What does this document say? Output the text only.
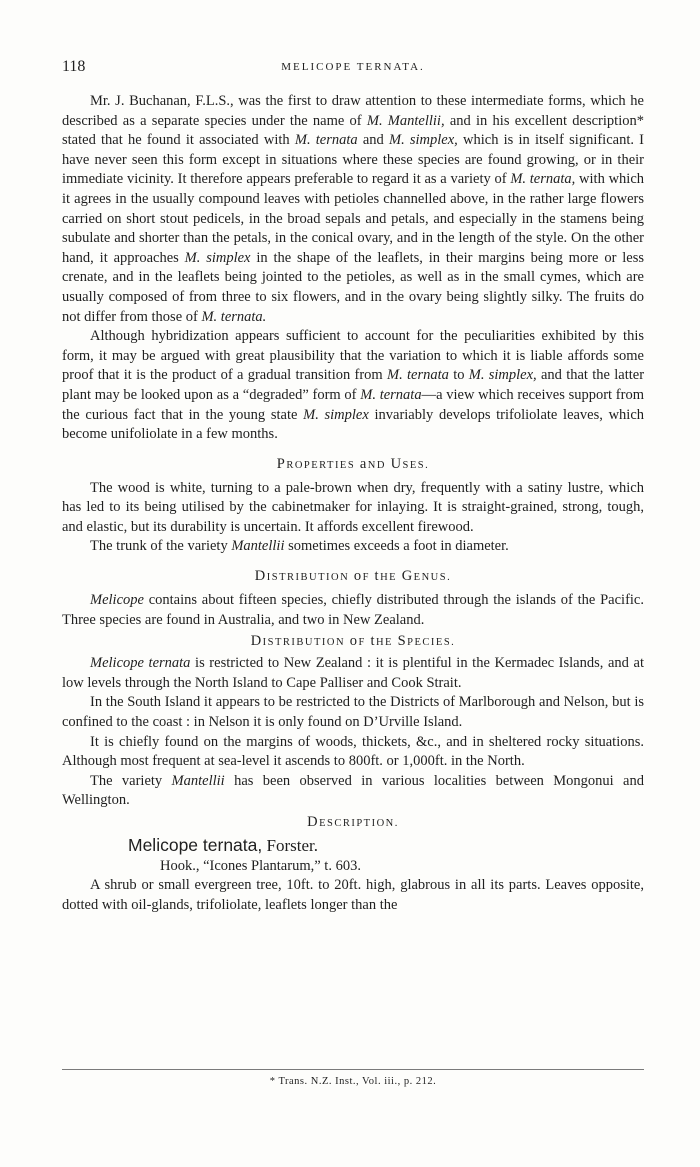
118	MELICOPE TERNATA.

Mr. J. Buchanan, F.L.S., was the first to draw attention to these intermediate forms, which he described as a separate species under the name of M. Mantellii, and in his excellent description* stated that he found it associated with M. ternata and M. simplex, which is in itself significant. I have never seen this form except in situations where these species are found growing, or in their immediate vicinity. It therefore appears preferable to regard it as a variety of M. ternata, with which it agrees in the usually compound leaves with petioles channelled above, in the rather large flowers carried on short stout pedicels, in the broad sepals and petals, and especially in the stamens being subulate and shorter than the petals, in the conical ovary, and in the length of the style. On the other hand, it approaches M. simplex in the shape of the leaflets, in their margins being more or less crenate, and in the leaflets being jointed to the petioles, as well as in the small cymes, which are usually composed of from three to six flowers, and in the ovary being slightly silky. The fruits do not differ from those of M. ternata.

Although hybridization appears sufficient to account for the peculiarities exhibited by this form, it may be argued with great plausibility that the variation to which it is liable affords some proof that it is the product of a gradual transition from M. ternata to M. simplex, and that the latter plant may be looked upon as a “degraded” form of M. ternata—a view which receives support from the curious fact that in the young state M. simplex invariably develops trifoliolate leaves, which become unifoliolate in a few months.

PROPERTIES aND USES.

The wood is white, turning to a pale-brown when dry, frequently with a satiny lustre, which has led to its being utilised by the cabinetmaker for inlaying. It is straight-grained, strong, tough, and elastic, but its durability is uncertain. It affords excellent firewood.

The trunk of the variety Mantellii sometimes exceeds a foot in diameter.

DISTRIBUTION oF tHE GENUS.

Melicope contains about fifteen species, chiefly distributed through the islands of the Pacific. Three species are found in Australia, and two in New Zealand.

DISTRIBUTION oF tHE SPECIES.

Melicope ternata is restricted to New Zealand : it is plentiful in the Kermadec Islands, and at low levels through the North Island to Cape Palliser and Cook Strait.

In the South Island it appears to be restricted to the Districts of Marlborough and Nelson, but is confined to the coast : in Nelson it is only found on D’Urville Island.

It is chiefly found on the margins of woods, thickets, &c., and in sheltered rocky situations. Although most frequent at sea-level it ascends to 800ft. or 1,000ft. in the North.

The variety Mantellii has been observed in various localities between Mongonui and Wellington.

DESCRIPTION.
Melicope ternata, Forster.
Hook., “Icones Plantarum,” t. 603.

A shrub or small evergreen tree, 10ft. to 20ft. high, glabrous in all its parts. Leaves opposite, dotted with oil-glands, trifoliolate, leaflets longer than the

* Trans. N.Z. Inst., Vol. iii., p. 212.
